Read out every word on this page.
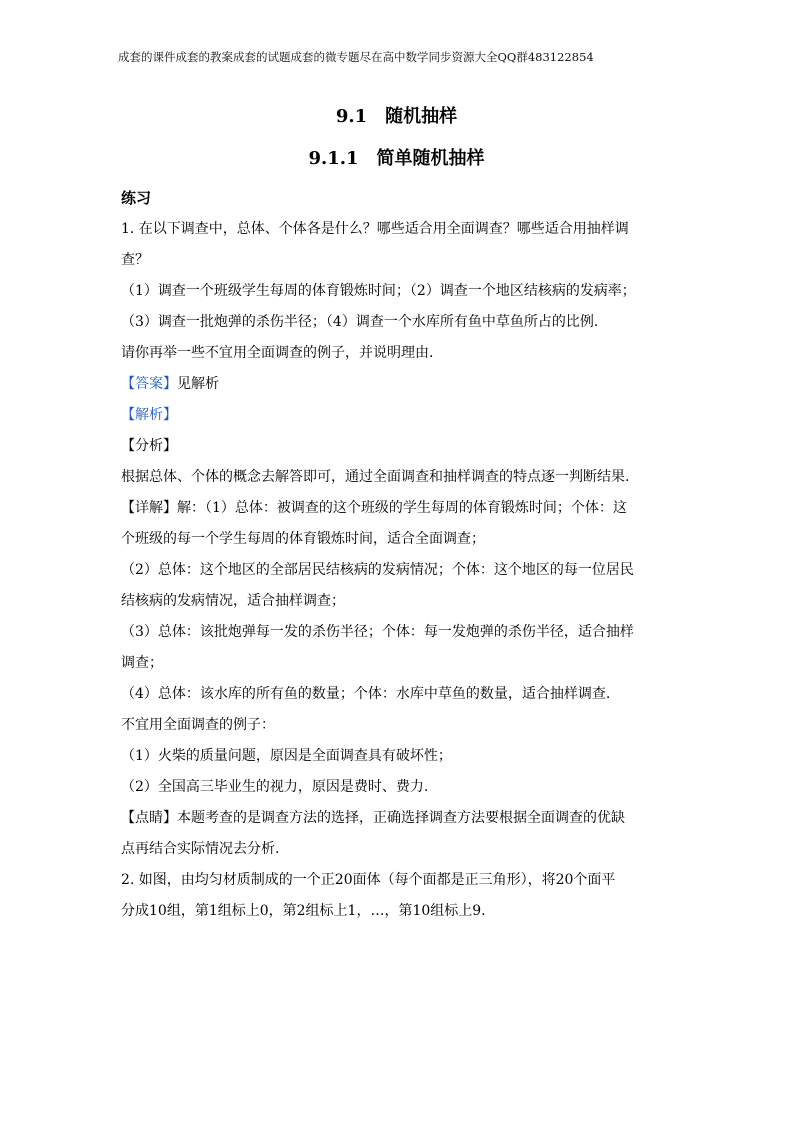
成套的课件成套的教案成套的试题成套的微专题尽在高中数学同步资源大全QQ群483122854
9.1　随机抽样
9.1.1　简单随机抽样
练习
1. 在以下调查中，总体、个体各是什么？哪些适合用全面调查？哪些适合用抽样调
查？
（1）调查一个班级学生每周的体育锻炼时间；（2）调查一个地区结核病的发病率；
（3）调查一批炮弹的杀伤半径；（4）调查一个水库所有鱼中草鱼所占的比例.
请你再举一些不宜用全面调查的例子，并说明理由.
【答案】见解析
【解析】
【分析】
根据总体、个体的概念去解答即可，通过全面调查和抽样调查的特点逐一判断结果.
【详解】解：（1）总体：被调查的这个班级的学生每周的体育锻炼时间；个体：这
个班级的每一个学生每周的体育锻炼时间，适合全面调查；
（2）总体：这个地区的全部居民结核病的发病情况；个体：这个地区的每一位居民
结核病的发病情况，适合抽样调查；
（3）总体：该批炮弹每一发的杀伤半径；个体：每一发炮弹的杀伤半径，适合抽样
调查；
（4）总体：该水库的所有鱼的数量；个体：水库中草鱼的数量，适合抽样调查.
不宜用全面调查的例子：
（1）火柴的质量问题，原因是全面调查具有破坏性；
（2）全国高三毕业生的视力，原因是费时、费力.
【点睛】本题考查的是调查方法的选择，正确选择调查方法要根据全面调查的优缺
点再结合实际情况去分析.
2. 如图，由均匀材质制成的一个正20面体（每个面都是正三角形），将20个面平
分成10组，第1组标上0，第2组标上1，…，第10组标上9.
